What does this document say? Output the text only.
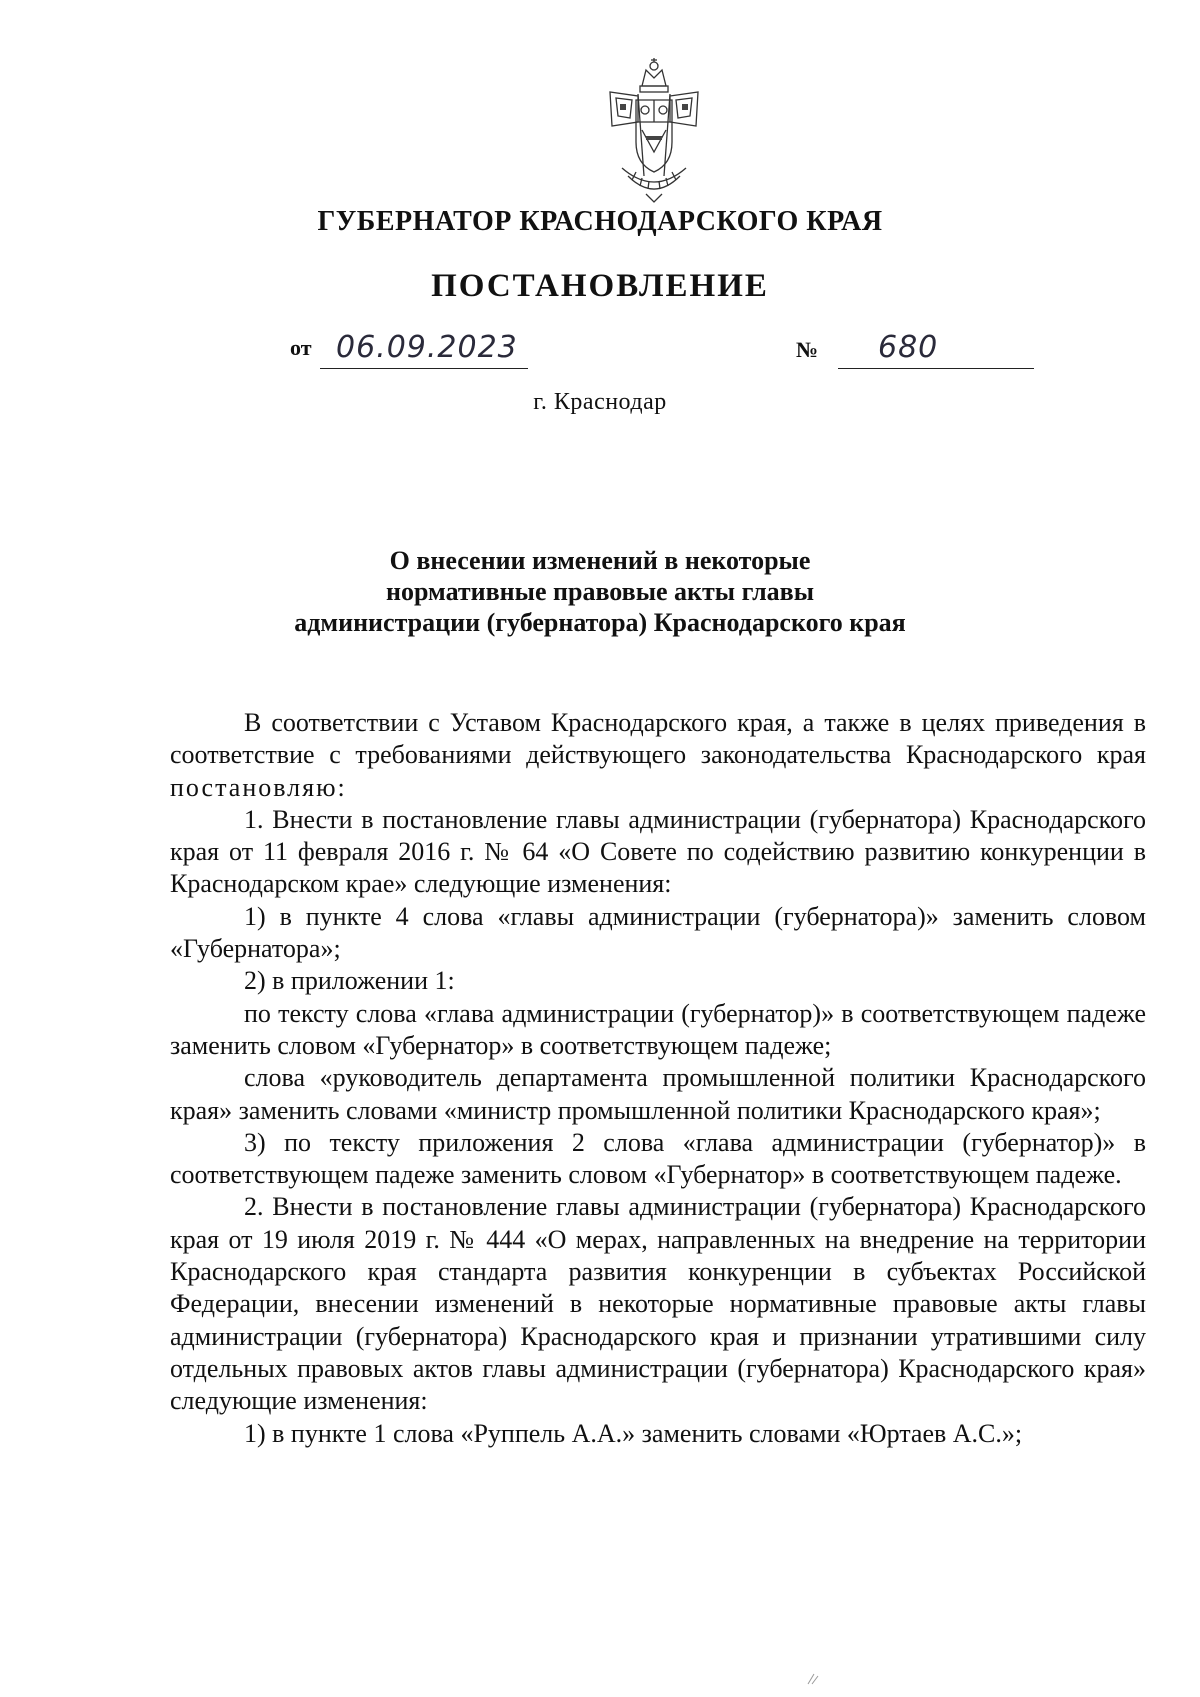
ГУБЕРНАТОР КРАСНОДАРСКОГО КРАЯ
ПОСТАНОВЛЕНИЕ
от 06.09.2023	№ 680
г. Краснодар
О внесении изменений в некоторые
нормативные правовые акты главы
администрации (губернатора) Краснодарского края

В соответствии с Уставом Краснодарского края, а также в целях приведения в соответствие с требованиями действующего законодательства Краснодарского края постановляю:

1. Внести в постановление главы администрации (губернатора) Краснодарского края от 11 февраля 2016 г. № 64 «О Совете по содействию развитию конкуренции в Краснодарском крае» следующие изменения:

1) в пункте 4 слова «главы администрации (губернатора)» заменить словом «Губернатора»;

2) в приложении 1:

по тексту слова «глава администрации (губернатор)» в соответствующем падеже заменить словом «Губернатор» в соответствующем падеже;

слова «руководитель департамента промышленной политики Краснодарского края» заменить словами «министр промышленной политики Краснодарского края»;

3) по тексту приложения 2 слова «глава администрации (губернатор)» в соответствующем падеже заменить словом «Губернатор» в соответствующем падеже.

2. Внести в постановление главы администрации (губернатора) Краснодарского края от 19 июля 2019 г. № 444 «О мерах, направленных на внедрение на территории Краснодарского края стандарта развития конкуренции в субъектах Российской Федерации, внесении изменений в некоторые нормативные правовые акты главы администрации (губернатора) Краснодарского края и признании утратившими силу отдельных правовых актов главы администрации (губернатора) Краснодарского края» следующие изменения:

1) в пункте 1 слова «Руппель А.А.» заменить словами «Юртаев А.С.»;
